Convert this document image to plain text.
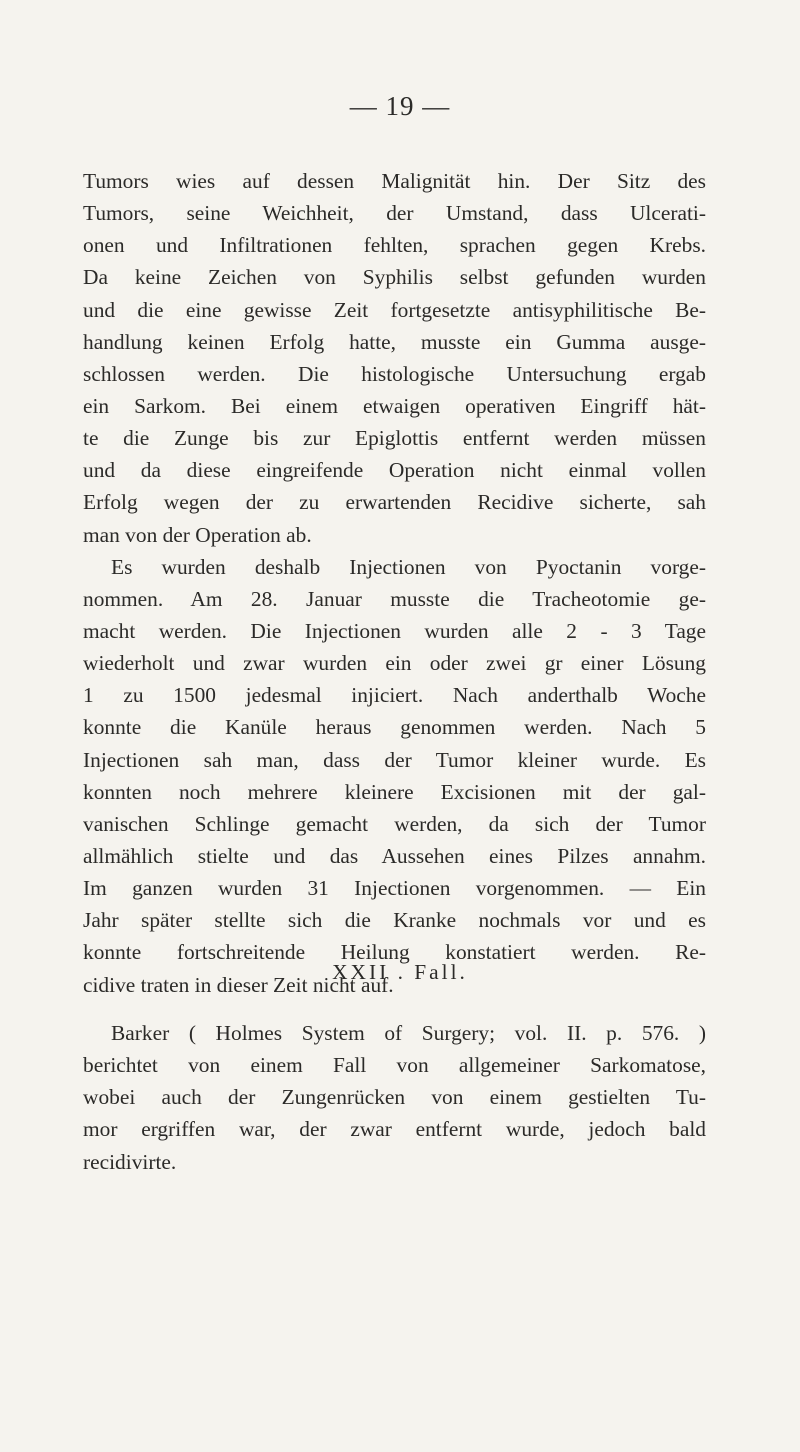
— 19 —
Tumors wies auf dessen Malignität hin. Der Sitz des
Tumors, seine Weichheit, der Umstand, dass Ulcerati-
onen und Infiltrationen fehlten, sprachen gegen Krebs.
Da keine Zeichen von Syphilis selbst gefunden wurden
und die eine gewisse Zeit fortgesetzte antisyphilitische Be-
handlung keinen Erfolg hatte, musste ein Gumma ausge-
schlossen werden. Die histologische Untersuchung ergab
ein Sarkom. Bei einem etwaigen operativen Eingriff hät-
te die Zunge bis zur Epiglottis entfernt werden müssen
und da diese eingreifende Operation nicht einmal vollen
Erfolg wegen der zu erwartenden Recidive sicherte, sah
man von der Operation ab.
Es wurden deshalb Injectionen von Pyoctanin vorge-
nommen. Am 28. Januar musste die Tracheotomie ge-
macht werden. Die Injectionen wurden alle 2 - 3 Tage
wiederholt und zwar wurden ein oder zwei gr einer Lösung
1 zu 1500 jedesmal injiciert. Nach anderthalb Woche
konnte die Kanüle heraus genommen werden. Nach 5
Injectionen sah man, dass der Tumor kleiner wurde. Es
konnten noch mehrere kleinere Excisionen mit der gal-
vanischen Schlinge gemacht werden, da sich der Tumor
allmählich stielte und das Aussehen eines Pilzes annahm.
Im ganzen wurden 31 Injectionen vorgenommen. — Ein
Jahr später stellte sich die Kranke nochmals vor und es
konnte fortschreitende Heilung konstatiert werden. Re-
cidive traten in dieser Zeit nicht auf.
XXII . Fall.
Barker ( Holmes System of Surgery; vol. II. p. 576. )
berichtet von einem Fall von allgemeiner Sarkomatose,
wobei auch der Zungenrücken von einem gestielten Tu-
mor ergriffen war, der zwar entfernt wurde, jedoch bald
recidivirte.
